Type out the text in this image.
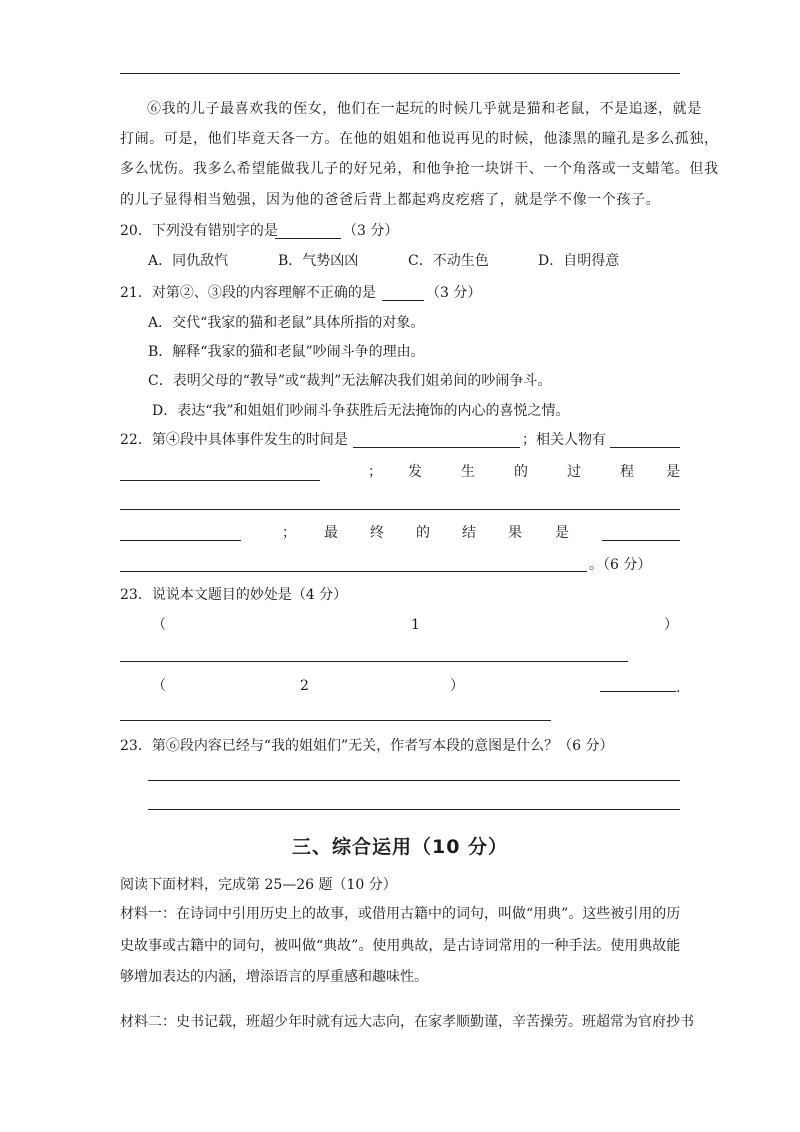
⑥我的儿子最喜欢我的侄女，他们在一起玩的时候几乎就是猫和老鼠，不是追逐，就是
打闹。可是，他们毕竟天各一方。在他的姐姐和他说再见的时候，他漆黑的瞳孔是多么孤独，
多么忧伤。我多么希望能做我儿子的好兄弟，和他争抢一块饼干、一个角落或一支蜡笔。但我
的儿子显得相当勉强，因为他的爸爸后背上都起鸡皮疙瘩了，就是学不像一个孩子。
20．下列没有错别字的是	（3 分）
A．同仇敌忾	B．气势凶凶	C．不动生色	D．自明得意
21．对第②、③段的内容理解不正确的是	（3 分）
A．交代“我家的猫和老鼠”具体所指的对象。
B．解释“我家的猫和老鼠”吵闹斗争的理由。
C．表明父母的“教导”或“裁判”无法解决我们姐弟间的吵闹争斗。
D．表达“我”和姐姐们吵闹斗争获胜后无法掩饰的内心的喜悦之情。
22．第④段中具体事件发生的时间是	；相关人物有
； 发	生	的	过	程 是
； 最 终 的 结 果 是
。（6 分）
23．说说本文题目的妙处是（4 分）
（	1	）
（	2	）	.
23．第⑥段内容已经与“我的姐姐们”无关，作者写本段的意图是什么？（6 分）
三、综合运用（10 分）
阅读下面材料，完成第 25—26 题（10 分）
材料一：在诗词中引用历史上的故事，或借用古籍中的词句，叫做“用典”。这些被引用的历
史故事或古籍中的词句，被叫做“典故”。使用典故，是古诗词常用的一种手法。使用典故能
够增加表达的内涵，增添语言的厚重感和趣味性。
材料二：史书记载，班超少年时就有远大志向，在家孝顺勤谨，辛苦操劳。班超常为官府抄书
